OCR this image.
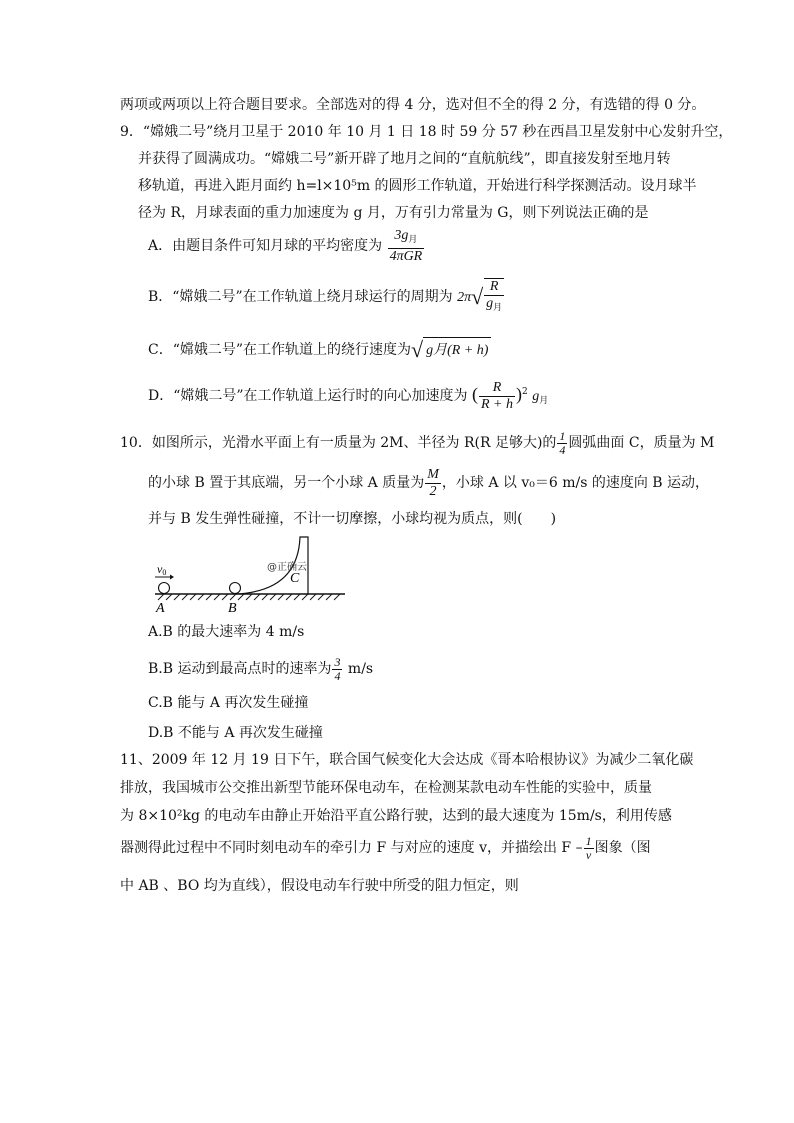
两项或两项以上符合题目要求。全部选对的得 4 分，选对但不全的得 2 分，有选错的得 0 分。
9．“嫦娥二号”绕月卫星于 2010 年 10 月 1 日 18 时 59 分 57 秒在西昌卫星发射中心发射升空，
并获得了圆满成功。“嫦娥二号”新开辟了地月之间的“直航航线”，即直接发射至地月转
移轨道，再进入距月面约 h=l×10⁵m 的圆形工作轨道，开始进行科学探测活动。设月球半
径为 R，月球表面的重力加速度为 g 月，万有引力常量为 G，则下列说法正确的是
A．由题目条件可知月球的平均密度为 $\frac{3g_月}{\text{4πGR}}$
B．“嫦娥二号”在工作轨道上绕月球运行的周期为 $2\pi√ \frac{R}{g_月}$
C．“嫦娥二号”在工作轨道上的绕行速度为√ g月(R + h)
D．“嫦娥二号”在工作轨道上运行时的向心加速度为 ( $\frac{R}{R + h} )^2$ $g_月$
10．如图所示，光滑水平面上有一质量为 2M、半径为 R(R 足够大)的 $\frac{1}{4}$ 圆弧曲面 C，质量为 M
的小球 B 置于其底端，另一个小球 A 质量为 $\frac{M}{2}$ ，小球 A 以 v₀＝6 m/s 的速度向 B 运动，
并与 B 发生弹性碰撞，不计一切摩擦，小球均视为质点，则(　　)
v0
A	B
C
@正确云
A.B 的最大速率为 4 m/s
B.B 运动到最高点时的速率为 $\frac{3}{4} m/s$
C.B 能与 A 再次发生碰撞
D.B 不能与 A 再次发生碰撞
11、2009 年 12 月 19 日下午，联合国气候变化大会达成《哥本哈根协议》为减少二氧化碳
排放，我国城市公交推出新型节能环保电动车，在检测某款电动车性能的实验中，质量
为 8×10²kg 的电动车由静止开始沿平直公路行驶，达到的最大速度为 15m/s，利用传感
器测得此过程中不同时刻电动车的牵引力 F 与对应的速度 v，并描绘出 F – $\frac{1}{v}$ 图象（图
中 AB 、BO 均为直线），假设电动车行驶中所受的阻力恒定，则
